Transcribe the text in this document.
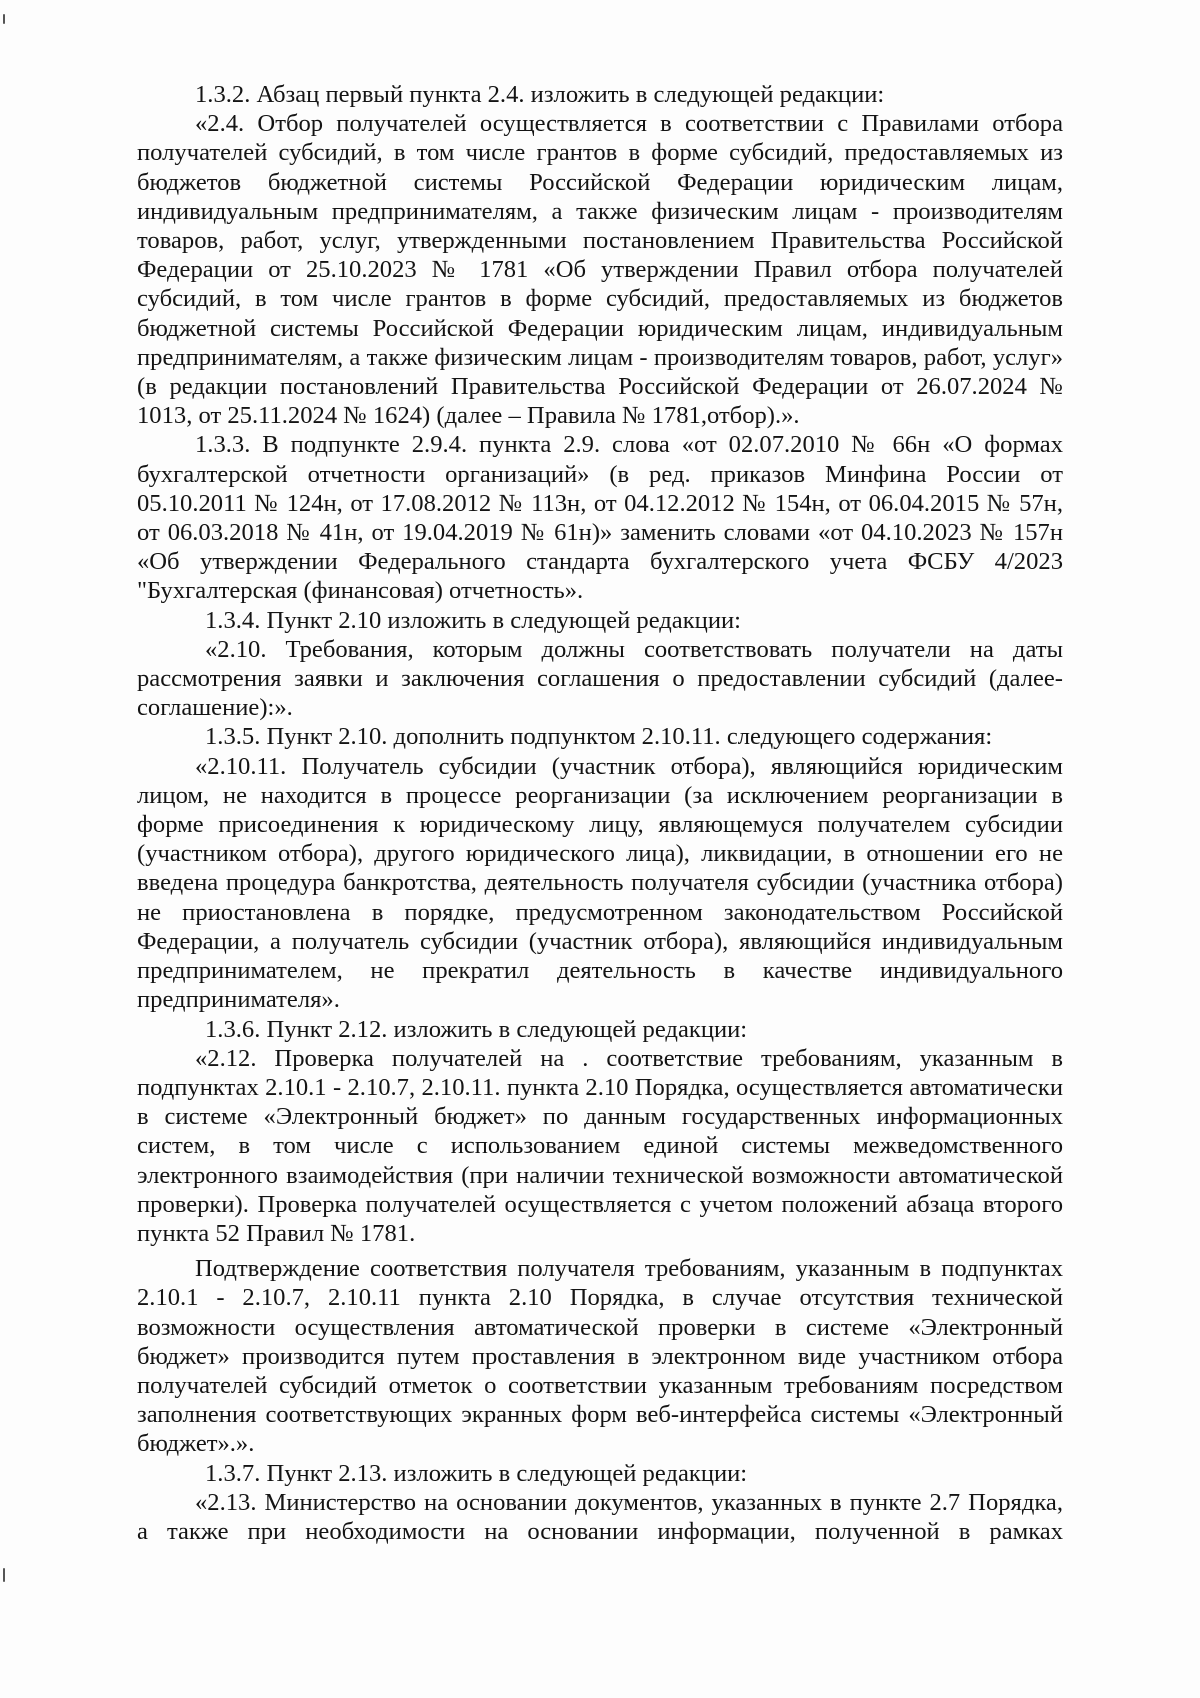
1.3.2. Абзац первый пункта 2.4. изложить в следующей редакции:

«2.4. Отбор получателей осуществляется в соответствии с Правилами отбора получателей субсидий, в том числе грантов в форме субсидий, предоставляемых из бюджетов бюджетной системы Российской Федерации юридическим лицам, индивидуальным предпринимателям, а также физическим лицам - производителям товаров, работ, услуг, утвержденными постановлением Правительства Российской Федерации от 25.10.2023 № 1781 «Об утверждении Правил отбора получателей субсидий, в том числе грантов в форме субсидий, предоставляемых из бюджетов бюджетной системы Российской Федерации юридическим лицам, индивидуальным предпринимателям, а также физическим лицам - производителям товаров, работ, услуг» (в редакции постановлений Правительства Российской Федерации от 26.07.2024 № 1013, от 25.11.2024 № 1624) (далее – Правила № 1781,отбор).».

1.3.3. В подпункте 2.9.4. пункта 2.9. слова «от 02.07.2010 № 66н «О формах бухгалтерской отчетности организаций» (в ред. приказов Минфина России от 05.10.2011 № 124н, от 17.08.2012 № 113н, от 04.12.2012 № 154н, от 06.04.2015 № 57н, от 06.03.2018 № 41н, от 19.04.2019 № 61н)» заменить словами «от 04.10.2023 № 157н «Об утверждении Федерального стандарта бухгалтерского учета ФСБУ 4/2023 "Бухгалтерская (финансовая) отчетность».

1.3.4. Пункт 2.10 изложить в следующей редакции:

«2.10. Требования, которым должны соответствовать получатели на даты рассмотрения заявки и заключения соглашения о предоставлении субсидий (далее-соглашение):».

1.3.5. Пункт 2.10. дополнить подпунктом 2.10.11. следующего содержания:

«2.10.11. Получатель субсидии (участник отбора), являющийся юридическим лицом, не находится в процессе реорганизации (за исключением реорганизации в форме присоединения к юридическому лицу, являющемуся получателем субсидии (участником отбора), другого юридического лица), ликвидации, в отношении его не введена процедура банкротства, деятельность получателя субсидии (участника отбора) не приостановлена в порядке, предусмотренном законодательством Российской Федерации, а получатель субсидии (участник отбора), являющийся индивидуальным предпринимателем, не прекратил деятельность в качестве индивидуального предпринимателя».

1.3.6. Пункт 2.12. изложить в следующей редакции:

«2.12. Проверка получателей на . соответствие требованиям, указанным в подпунктах 2.10.1 - 2.10.7, 2.10.11. пункта 2.10 Порядка, осуществляется автоматически в системе «Электронный бюджет» по данным государственных информационных систем, в том числе с использованием единой системы межведомственного электронного взаимодействия (при наличии технической возможности автоматической проверки). Проверка получателей осуществляется с учетом положений абзаца второго пункта 52 Правил № 1781.

Подтверждение соответствия получателя требованиям, указанным в подпунктах 2.10.1 - 2.10.7, 2.10.11 пункта 2.10 Порядка, в случае отсутствия технической возможности осуществления автоматической проверки в системе «Электронный бюджет» производится путем проставления в электронном виде участником отбора получателей субсидий отметок о соответствии указанным требованиям посредством заполнения соответствующих экранных форм веб-интерфейса системы «Электронный бюджет».».

1.3.7. Пункт 2.13. изложить в следующей редакции:

«2.13. Министерство на основании документов, указанных в пункте 2.7 Порядка, а также при необходимости на основании информации, полученной в рамках
